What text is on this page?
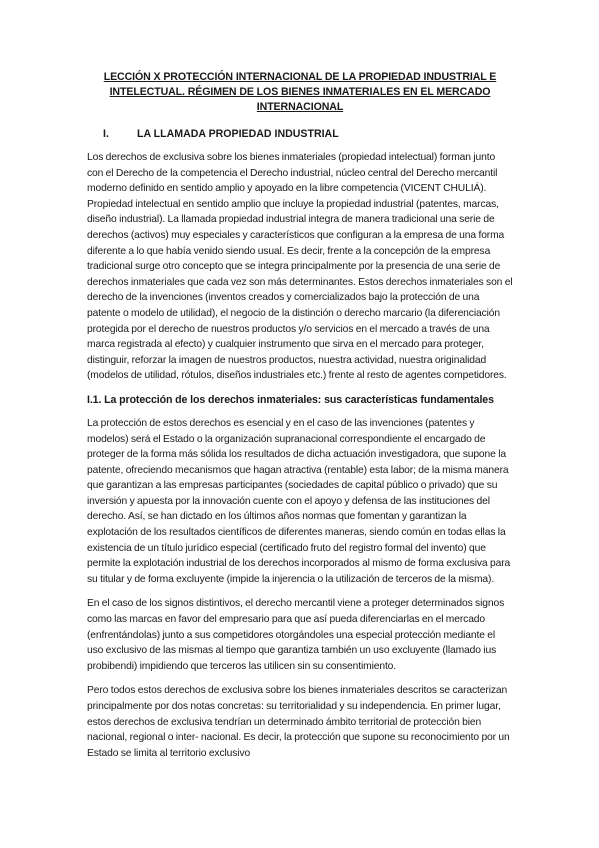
LECCIÓN X PROTECCIÓN INTERNACIONAL DE LA PROPIEDAD INDUSTRIAL E INTELECTUAL. RÉGIMEN DE LOS BIENES INMATERIALES EN EL MERCADO INTERNACIONAL
I.	LA LLAMADA PROPIEDAD INDUSTRIAL

Los derechos de exclusiva sobre los bienes inmateriales (propiedad intelectual) forman junto con el Derecho de la competencia el Derecho industrial, núcleo central del Derecho mercantil moderno definido en sentido amplio y apoyado en la libre competencia (VICENT CHULIÁ). Propiedad intelectual en sentido amplio que incluye la propiedad industrial (patentes, marcas, diseño industrial). La llamada propiedad industrial integra de manera tradicional una serie de derechos (activos) muy especiales y característicos que configuran a la empresa de una forma diferente a lo que había venido siendo usual. Es decir, frente a la concepción de la empresa tradicional surge otro concepto que se integra principalmente por la presencia de una serie de derechos inmateriales que cada vez son más determinantes. Estos derechos inmateriales son el derecho de la invenciones (inventos creados y comercializados bajo la protección de una patente o modelo de utilidad), el negocio de la distinción o derecho marcario (la diferenciación protegida por el derecho de nuestros productos y/o servicios en el mercado a través de una marca registrada al efecto) y cualquier instrumento que sirva en el mercado para proteger, distinguir, reforzar la imagen de nuestros productos, nuestra actividad, nuestra originalidad (modelos de utilidad, rótulos, diseños industriales etc.) frente al resto de agentes competidores.

I.1. La protección de los derechos inmateriales: sus características fundamentales

La protección de estos derechos es esencial y en el caso de las invenciones (patentes y modelos) será el Estado o la organización supranacional correspondiente el encargado de proteger de la forma más sólida los resultados de dicha actuación investigadora, que supone la patente, ofreciendo mecanismos que hagan atractiva (rentable) esta labor; de la misma manera que garantizan a las empresas participantes (sociedades de capital público o privado) que su inversión y apuesta por la innovación cuente con el apoyo y defensa de las instituciones del derecho. Así, se han dictado en los últimos años normas que fomentan y garantizan la explotación de los resultados científicos de diferentes maneras, siendo común en todas ellas la existencia de un título jurídico especial (certificado fruto del registro formal del invento) que permite la explotación industrial de los derechos incorporados al mismo de forma exclusiva para su titular y de forma excluyente (impide la injerencia o la utilización de terceros de la misma).

En el caso de los signos distintivos, el derecho mercantil viene a proteger determinados signos como las marcas en favor del empresario para que así pueda diferenciarlas en el mercado (enfrentándolas) junto a sus competidores otorgándoles una especial protección mediante el uso exclusivo de las mismas al tiempo que garantiza también un uso excluyente (llamado ius probibendi) impidiendo que terceros las utilicen sin su consentimiento.

Pero todos estos derechos de exclusiva sobre los bienes inmateriales descritos se caracterizan principalmente por dos notas concretas: su territorialidad y su independencia. En primer lugar, estos derechos de exclusiva tendrían un determinado ámbito territorial de protección bien nacional, regional o inter- nacional. Es decir, la protección que supone su reconocimiento por un Estado se limita al territorio exclusivo
